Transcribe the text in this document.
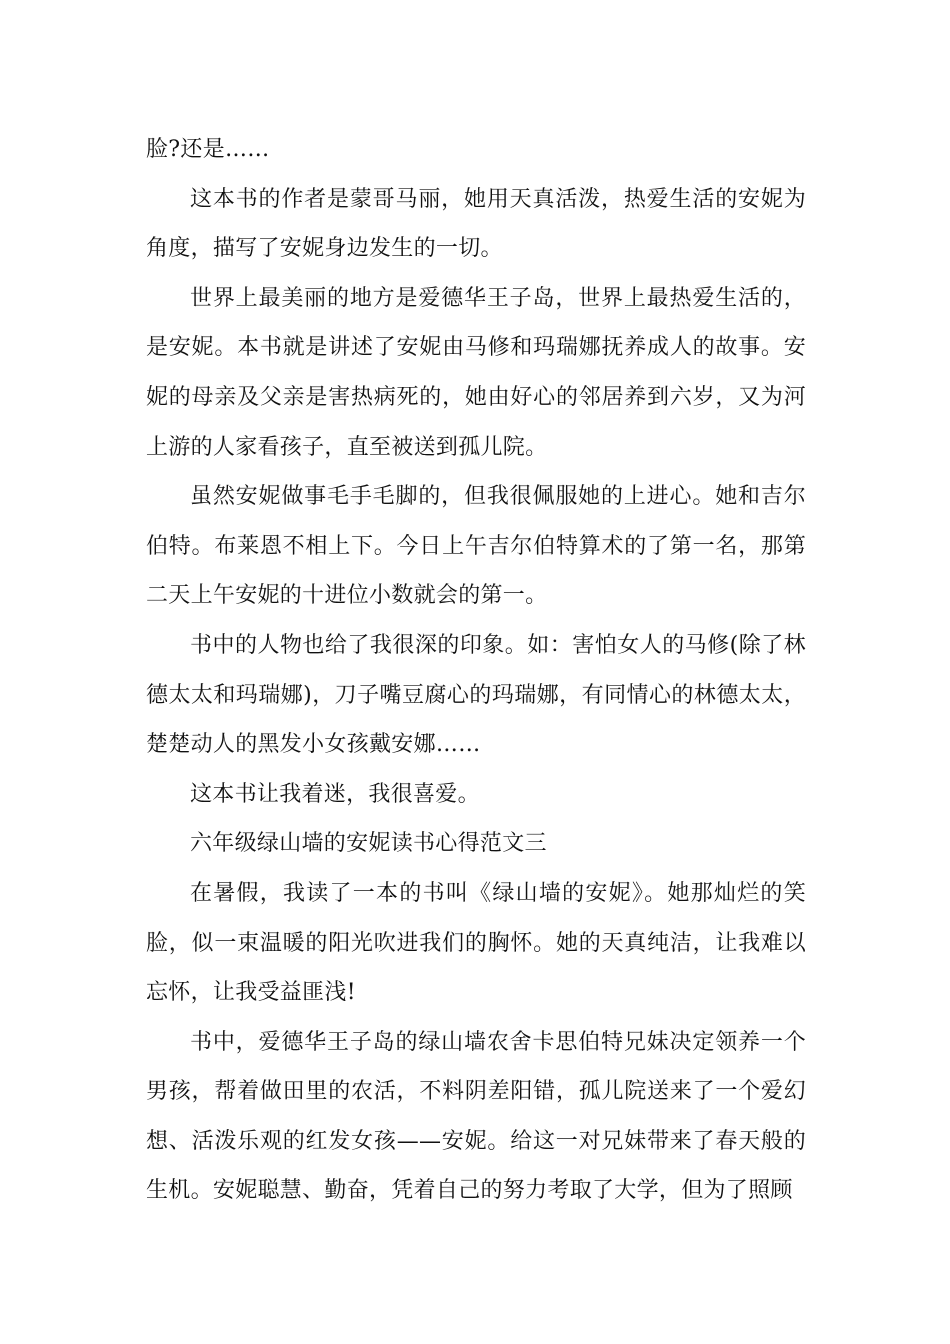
脸?还是……

这本书的作者是蒙哥马丽，她用天真活泼，热爱生活的安妮为角度，描写了安妮身边发生的一切。

世界上最美丽的地方是爱德华王子岛，世界上最热爱生活的，是安妮。本书就是讲述了安妮由马修和玛瑞娜抚养成人的故事。安妮的母亲及父亲是害热病死的，她由好心的邻居养到六岁，又为河上游的人家看孩子，直至被送到孤儿院。

虽然安妮做事毛手毛脚的，但我很佩服她的上进心。她和吉尔伯特。布莱恩不相上下。今日上午吉尔伯特算术的了第一名，那第二天上午安妮的十进位小数就会的第一。

书中的人物也给了我很深的印象。如：害怕女人的马修(除了林德太太和玛瑞娜)，刀子嘴豆腐心的玛瑞娜，有同情心的林德太太，楚楚动人的黑发小女孩戴安娜……

这本书让我着迷，我很喜爱。

六年级绿山墙的安妮读书心得范文三

在暑假，我读了一本的书叫《绿山墙的安妮》。她那灿烂的笑脸，似一束温暖的阳光吹进我们的胸怀。她的天真纯洁，让我难以忘怀，让我受益匪浅!

书中，爱德华王子岛的绿山墙农舍卡思伯特兄妹决定领养一个男孩，帮着做田里的农活，不料阴差阳错，孤儿院送来了一个爱幻想、活泼乐观的红发女孩——安妮。给这一对兄妹带来了春天般的生机。安妮聪慧、勤奋，凭着自己的努力考取了大学，但为了照顾
